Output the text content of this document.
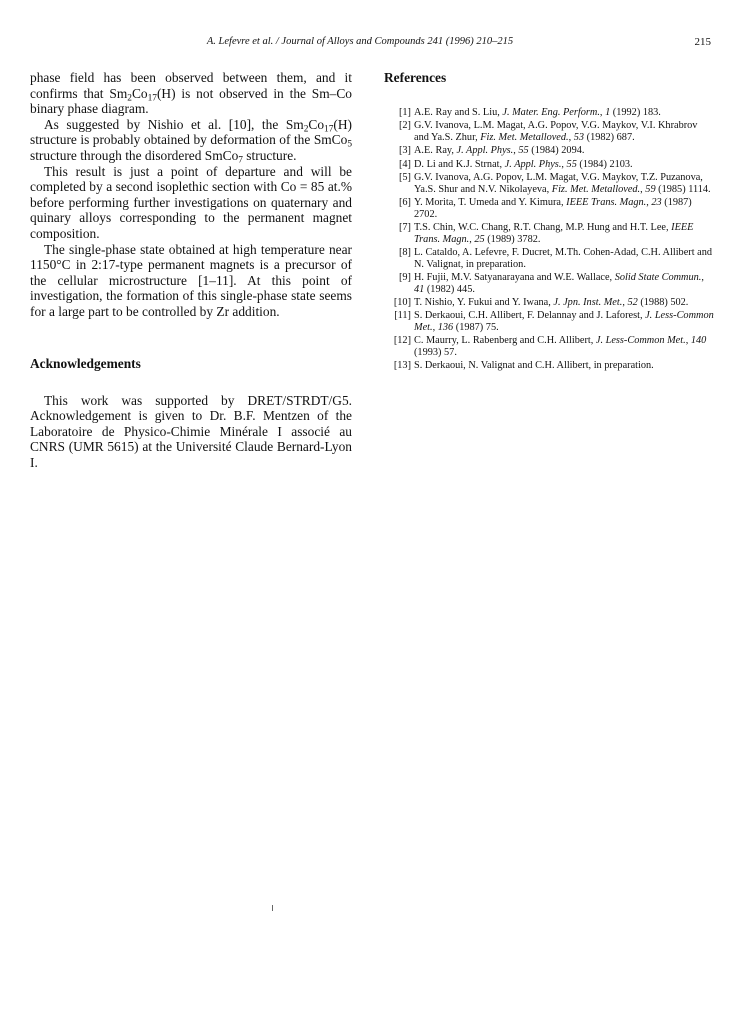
A. Lefevre et al. / Journal of Alloys and Compounds 241 (1996) 210–215	215

phase field has been observed between them, and it confirms that $Sm_2Co_{17}(H)$ is not observed in the Sm–Co binary phase diagram.

As suggested by Nishio et al. [10], the $Sm_2Co_{17}(H)$ structure is probably obtained by deformation of the SmCo$_5$ structure through the disordered SmCo$_7$ structure.

This result is just a point of departure and will be completed by a second isoplethic section with Co = 85 at.% before performing further investigations on quaternary and quinary alloys corresponding to the permanent magnet composition.

The single-phase state obtained at high temperature near 1150°C in 2:17-type permanent magnets is a precursor of the cellular microstructure [1–11]. At this point of investigation, the formation of this single-phase state seems for a large part to be controlled by Zr addition.

Acknowledgements

This work was supported by DRET/STRDT/G5. Acknowledgement is given to Dr. B.F. Mentzen of the Laboratoire de Physico-Chimie Minérale I associé au CNRS (UMR 5615) at the Université Claude Bernard-Lyon I.

References
[1] A.E. Ray and S. Liu, J. Mater. Eng. Perform., 1 (1992) 183.
[2] G.V. Ivanova, L.M. Magat, A.G. Popov, V.G. Maykov, V.I. Khrabrov and Ya.S. Zhur, Fiz. Met. Metalloved., 53 (1982) 687.
[3] A.E. Ray, J. Appl. Phys., 55 (1984) 2094.
[4] D. Li and K.J. Strnat, J. Appl. Phys., 55 (1984) 2103.
[5] G.V. Ivanova, A.G. Popov, L.M. Magat, V.G. Maykov, T.Z. Puzanova, Ya.S. Shur and N.V. Nikolayeva, Fiz. Met. Metalloved., 59 (1985) 1114.
[6] Y. Morita, T. Umeda and Y. Kimura, IEEE Trans. Magn., 23 (1987) 2702.
[7] T.S. Chin, W.C. Chang, R.T. Chang, M.P. Hung and H.T. Lee, IEEE Trans. Magn., 25 (1989) 3782.
[8] L. Cataldo, A. Lefevre, F. Ducret, M.Th. Cohen-Adad, C.H. Allibert and N. Valignat, in preparation.
[9] H. Fujii, M.V. Satyanarayana and W.E. Wallace, Solid State Commun., 41 (1982) 445.
[10] T. Nishio, Y. Fukui and Y. Iwana, J. Jpn. Inst. Met., 52 (1988) 502.
[11] S. Derkaoui, C.H. Allibert, F. Delannay and J. Laforest, J. Less-Common Met., 136 (1987) 75.
[12] C. Maurry, L. Rabenberg and C.H. Allibert, J. Less-Common Met., 140 (1993) 57.
[13] S. Derkaoui, N. Valignat and C.H. Allibert, in preparation.
